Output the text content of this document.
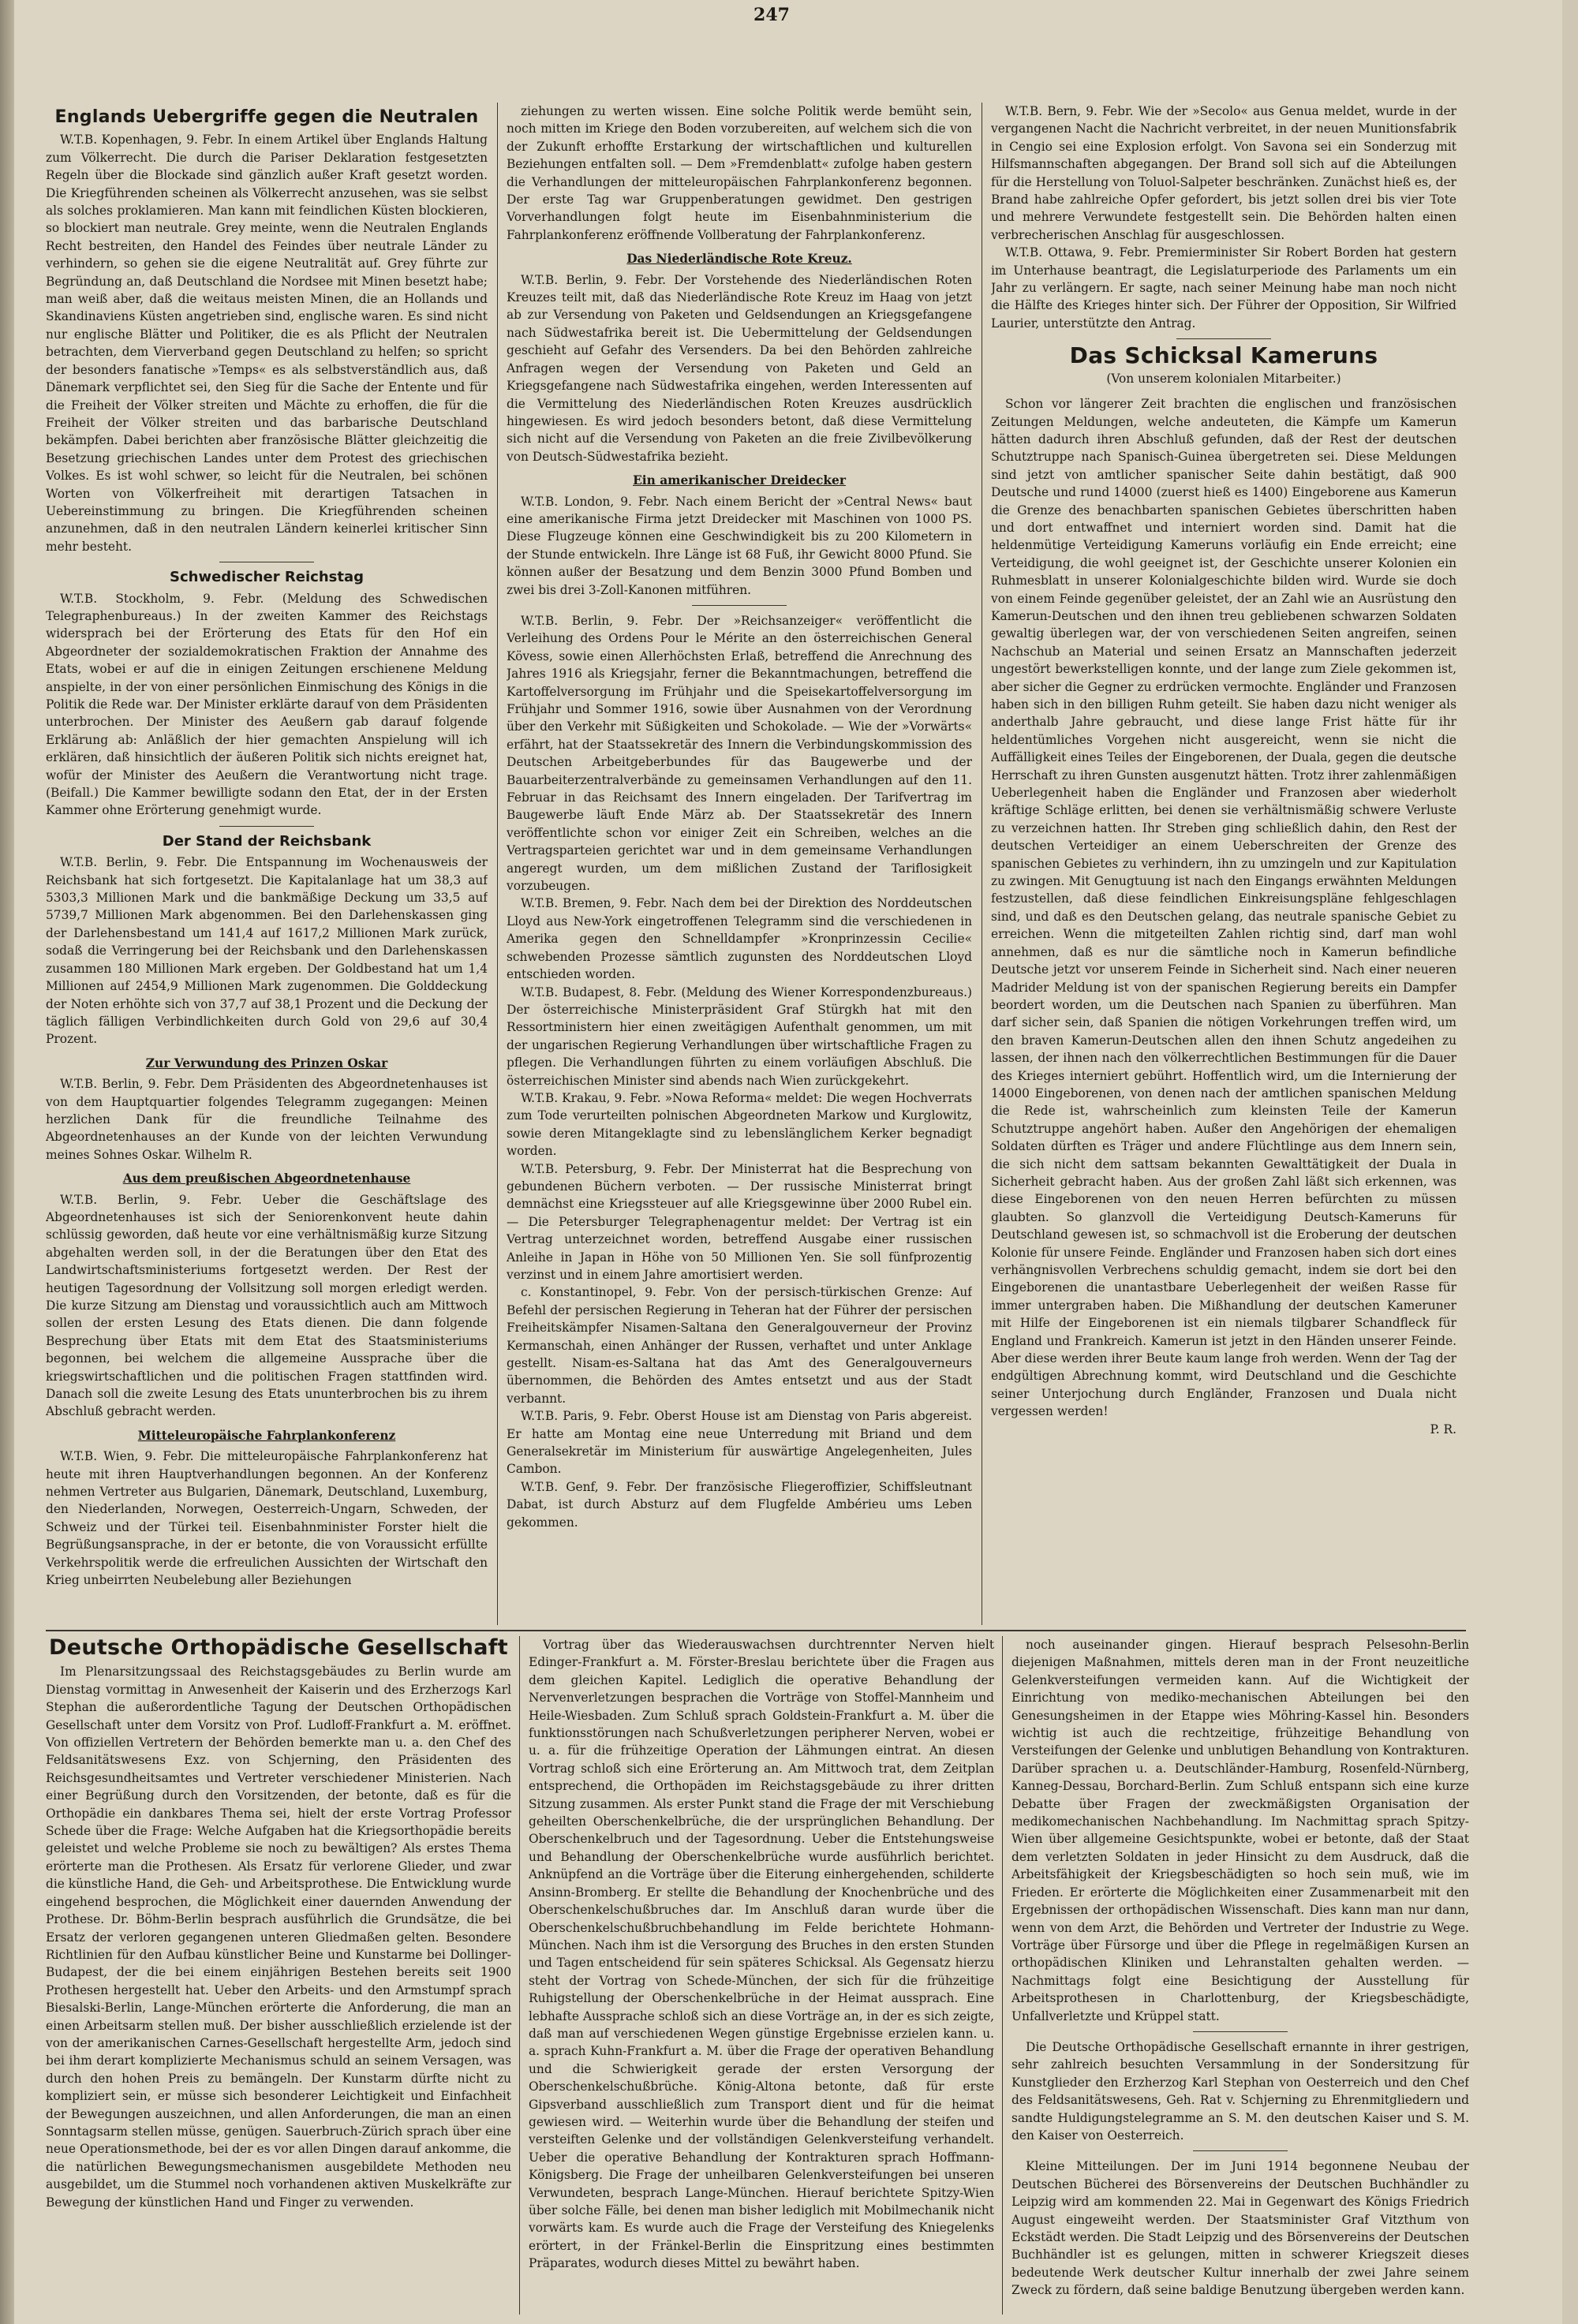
247
Englands Uebergriffe gegen die Neutralen

W.T.B. Kopenhagen, 9. Febr. In einem Artikel über Englands Haltung zum Völkerrecht. Die durch die Pariser Deklaration festgesetzten Regeln über die Blockade sind gänzlich außer Kraft gesetzt worden. Die Kriegführenden scheinen als Völkerrecht anzusehen, was sie selbst als solches proklamieren. Man kann mit feindlichen Küsten blockieren, so blockiert man neutrale. Grey meinte, wenn die Neutralen Englands Recht bestreiten, den Handel des Feindes über neutrale Länder zu verhindern, so gehen sie die eigene Neutralität auf. Grey führte zur Begründung an, daß Deutschland die Nordsee mit Minen besetzt habe; man weiß aber, daß die weitaus meisten Minen, die an Hollands und Skandinaviens Küsten angetrieben sind, englische waren. Es sind nicht nur englische Blätter und Politiker, die es als Pflicht der Neutralen betrachten, dem Vierverband gegen Deutschland zu helfen; so spricht der besonders fanatische »Temps« es als selbstverständlich aus, daß Dänemark verpflichtet sei, den Sieg für die Sache der Entente und für die Freiheit der Völker streiten und Mächte zu erhoffen, die für die Freiheit der Völker streiten und das barbarische Deutschland bekämpfen. Dabei berichten aber französische Blätter gleichzeitig die Besetzung griechischen Landes unter dem Protest des griechischen Volkes. Es ist wohl schwer, so leicht für die Neutralen, bei schönen Worten von Völkerfreiheit mit derartigen Tatsachen in Uebereinstimmung zu bringen. Die Kriegführenden scheinen anzunehmen, daß in den neutralen Ländern keinerlei kritischer Sinn mehr besteht.

Schwedischer Reichstag

W.T.B. Stockholm, 9. Febr. (Meldung des Schwedischen Telegraphenbureaus.) In der zweiten Kammer des Reichstags widersprach bei der Erörterung des Etats für den Hof ein Abgeordneter der sozialdemokratischen Fraktion der Annahme des Etats, wobei er auf die in einigen Zeitungen erschienene Meldung anspielte, in der von einer persönlichen Einmischung des Königs in die Politik die Rede war. Der Minister erklärte darauf von dem Präsidenten unterbrochen. Der Minister des Aeußern gab darauf folgende Erklärung ab: Anläßlich der hier gemachten Anspielung will ich erklären, daß hinsichtlich der äußeren Politik sich nichts ereignet hat, wofür der Minister des Aeußern die Verantwortung nicht trage. (Beifall.) Die Kammer bewilligte sodann den Etat, der in der Ersten Kammer ohne Erörterung genehmigt wurde.

Der Stand der Reichsbank

W.T.B. Berlin, 9. Febr. Die Entspannung im Wochenausweis der Reichsbank hat sich fortgesetzt. Die Kapitalanlage hat um 38,3 auf 5303,3 Millionen Mark und die bankmäßige Deckung um 33,5 auf 5739,7 Millionen Mark abgenommen. Bei den Darlehenskassen ging der Darlehensbestand um 141,4 auf 1617,2 Millionen Mark zurück, sodaß die Verringerung bei der Reichsbank und den Darlehenskassen zusammen 180 Millionen Mark ergeben. Der Goldbestand hat um 1,4 Millionen auf 2454,9 Millionen Mark zugenommen. Die Golddeckung der Noten erhöhte sich von 37,7 auf 38,1 Prozent und die Deckung der täglich fälligen Verbindlichkeiten durch Gold von 29,6 auf 30,4 Prozent.

Zur Verwundung des Prinzen Oskar

W.T.B. Berlin, 9. Febr. Dem Präsidenten des Abgeordnetenhauses ist von dem Hauptquartier folgendes Telegramm zugegangen: Meinen herzlichen Dank für die freundliche Teilnahme des Abgeordnetenhauses an der Kunde von der leichten Verwundung meines Sohnes Oskar. Wilhelm R.

Aus dem preußischen Abgeordnetenhause

W.T.B. Berlin, 9. Febr. Ueber die Geschäftslage des Abgeordnetenhauses ist sich der Seniorenkonvent heute dahin schlüssig geworden, daß heute vor eine verhältnismäßig kurze Sitzung abgehalten werden soll, in der die Beratungen über den Etat des Landwirtschaftsministeriums fortgesetzt werden. Der Rest der heutigen Tagesordnung der Vollsitzung soll morgen erledigt werden. Die kurze Sitzung am Dienstag und voraussichtlich auch am Mittwoch sollen der ersten Lesung des Etats dienen. Die dann folgende Besprechung über Etats mit dem Etat des Staatsministeriums begonnen, bei welchem die allgemeine Aussprache über die kriegswirtschaftlichen und die politischen Fragen stattfinden wird. Danach soll die zweite Lesung des Etats ununterbrochen bis zu ihrem Abschluß gebracht werden.

Mitteleuropäische Fahrplankonferenz

W.T.B. Wien, 9. Febr. Die mitteleuropäische Fahrplankonferenz hat heute mit ihren Hauptverhandlungen begonnen. An der Konferenz nehmen Vertreter aus Bulgarien, Dänemark, Deutschland, Luxemburg, den Niederlanden, Norwegen, Oesterreich-Ungarn, Schweden, der Schweiz und der Türkei teil. Eisenbahnminister Forster hielt die Begrüßungsansprache, in der er betonte, die von Voraussicht erfüllte Verkehrspolitik werde die erfreulichen Aussichten der Wirtschaft den Krieg unbeirrten Neubelebung aller Beziehungen

ziehungen zu werten wissen. Eine solche Politik werde bemüht sein, noch mitten im Kriege den Boden vorzubereiten, auf welchem sich die von der Zukunft erhoffte Erstarkung der wirtschaftlichen und kulturellen Beziehungen entfalten soll. — Dem »Fremdenblatt« zufolge haben gestern die Verhandlungen der mitteleuropäischen Fahrplankonferenz begonnen. Der erste Tag war Gruppenberatungen gewidmet. Den gestrigen Vorverhandlungen folgt heute im Eisenbahnministerium die Fahrplankonferenz eröffnende Vollberatung der Fahrplankonferenz.

Das Niederländische Rote Kreuz.

W.T.B. Berlin, 9. Febr. Der Vorstehende des Niederländischen Roten Kreuzes teilt mit, daß das Niederländische Rote Kreuz im Haag von jetzt ab zur Versendung von Paketen und Geldsendungen an Kriegsgefangene nach Südwestafrika bereit ist. Die Uebermittelung der Geldsendungen geschieht auf Gefahr des Versenders. Da bei den Behörden zahlreiche Anfragen wegen der Versendung von Paketen und Geld an Kriegsgefangene nach Südwestafrika eingehen, werden Interessenten auf die Vermittelung des Niederländischen Roten Kreuzes ausdrücklich hingewiesen. Es wird jedoch besonders betont, daß diese Vermittelung sich nicht auf die Versendung von Paketen an die freie Zivilbevölkerung von Deutsch-Südwestafrika bezieht.

Ein amerikanischer Dreidecker

W.T.B. London, 9. Febr. Nach einem Bericht der »Central News« baut eine amerikanische Firma jetzt Dreidecker mit Maschinen von 1000 PS. Diese Flugzeuge können eine Geschwindigkeit bis zu 200 Kilometern in der Stunde entwickeln. Ihre Länge ist 68 Fuß, ihr Gewicht 8000 Pfund. Sie können außer der Besatzung und dem Benzin 3000 Pfund Bomben und zwei bis drei 3-Zoll-Kanonen mitführen.

W.T.B. Berlin, 9. Febr. Der »Reichsanzeiger« veröffentlicht die Verleihung des Ordens Pour le Mérite an den österreichischen General Kövess, sowie einen Allerhöchsten Erlaß, betreffend die Anrechnung des Jahres 1916 als Kriegsjahr, ferner die Bekanntmachungen, betreffend die Kartoffelversorgung im Frühjahr und die Speisekartoffelversorgung im Frühjahr und Sommer 1916, sowie über Ausnahmen von der Verordnung über den Verkehr mit Süßigkeiten und Schokolade. — Wie der »Vorwärts« erfährt, hat der Staatssekretär des Innern die Verbindungskommission des Deutschen Arbeitgeberbundes für das Baugewerbe und der Bauarbeiterzentralverbände zu gemeinsamen Verhandlungen auf den 11. Februar in das Reichsamt des Innern eingeladen. Der Tarifvertrag im Baugewerbe läuft Ende März ab. Der Staatssekretär des Innern veröffentlichte schon vor einiger Zeit ein Schreiben, welches an die Vertragsparteien gerichtet war und in dem gemeinsame Verhandlungen angeregt wurden, um dem mißlichen Zustand der Tariflosigkeit vorzubeugen.

W.T.B. Bremen, 9. Febr. Nach dem bei der Direktion des Norddeutschen Lloyd aus New-York eingetroffenen Telegramm sind die verschiedenen in Amerika gegen den Schnelldampfer »Kronprinzessin Cecilie« schwebenden Prozesse sämtlich zugunsten des Norddeutschen Lloyd entschieden worden.

W.T.B. Budapest, 8. Febr. (Meldung des Wiener Korrespondenzbureaus.) Der österreichische Ministerpräsident Graf Stürgkh hat mit den Ressortministern hier einen zweitägigen Aufenthalt genommen, um mit der ungarischen Regierung Verhandlungen über wirtschaftliche Fragen zu pflegen. Die Verhandlungen führten zu einem vorläufigen Abschluß. Die österreichischen Minister sind abends nach Wien zurückgekehrt.

W.T.B. Krakau, 9. Febr. »Nowa Reforma« meldet: Die wegen Hochverrats zum Tode verurteilten polnischen Abgeordneten Markow und Kurglowitz, sowie deren Mitangeklagte sind zu lebenslänglichem Kerker begnadigt worden.

W.T.B. Petersburg, 9. Febr. Der Ministerrat hat die Besprechung von gebundenen Büchern verboten. — Der russische Ministerrat bringt demnächst eine Kriegssteuer auf alle Kriegsgewinne über 2000 Rubel ein. — Die Petersburger Telegraphenagentur meldet: Der Vertrag ist ein Vertrag unterzeichnet worden, betreffend Ausgabe einer russischen Anleihe in Japan in Höhe von 50 Millionen Yen. Sie soll fünfprozentig verzinst und in einem Jahre amortisiert werden.

c. Konstantinopel, 9. Febr. Von der persisch-türkischen Grenze: Auf Befehl der persischen Regierung in Teheran hat der Führer der persischen Freiheitskämpfer Nisamen-Saltana den Generalgouverneur der Provinz Kermanschah, einen Anhänger der Russen, verhaftet und unter Anklage gestellt. Nisam-es-Saltana hat das Amt des Generalgouverneurs übernommen, die Behörden des Amtes entsetzt und aus der Stadt verbannt.

W.T.B. Paris, 9. Febr. Oberst House ist am Dienstag von Paris abgereist. Er hatte am Montag eine neue Unterredung mit Briand und dem Generalsekretär im Ministerium für auswärtige Angelegenheiten, Jules Cambon.

W.T.B. Genf, 9. Febr. Der französische Fliegeroffizier, Schiffsleutnant Dabat, ist durch Absturz auf dem Flugfelde Ambérieu ums Leben gekommen.

W.T.B. Bern, 9. Febr. Wie der »Secolo« aus Genua meldet, wurde in der vergangenen Nacht die Nachricht verbreitet, in der neuen Munitionsfabrik in Cengio sei eine Explosion erfolgt. Von Savona sei ein Sonderzug mit Hilfsmannschaften abgegangen. Der Brand soll sich auf die Abteilungen für die Herstellung von Toluol-Salpeter beschränken. Zunächst hieß es, der Brand habe zahlreiche Opfer gefordert, bis jetzt sollen drei bis vier Tote und mehrere Verwundete festgestellt sein. Die Behörden halten einen verbrecherischen Anschlag für ausgeschlossen.

W.T.B. Ottawa, 9. Febr. Premierminister Sir Robert Borden hat gestern im Unterhause beantragt, die Legislaturperiode des Parlaments um ein Jahr zu verlängern. Er sagte, nach seiner Meinung habe man noch nicht die Hälfte des Krieges hinter sich. Der Führer der Opposition, Sir Wilfried Laurier, unterstützte den Antrag.

Das Schicksal Kameruns

(Von unserem kolonialen Mitarbeiter.)

Schon vor längerer Zeit brachten die englischen und französischen Zeitungen Meldungen, welche andeuteten, die Kämpfe um Kamerun hätten dadurch ihren Abschluß gefunden, daß der Rest der deutschen Schutztruppe nach Spanisch-Guinea übergetreten sei. Diese Meldungen sind jetzt von amtlicher spanischer Seite dahin bestätigt, daß 900 Deutsche und rund 14000 (zuerst hieß es 1400) Eingeborene aus Kamerun die Grenze des benachbarten spanischen Gebietes überschritten haben und dort entwaffnet und interniert worden sind. Damit hat die heldenmütige Verteidigung Kameruns vorläufig ein Ende erreicht; eine Verteidigung, die wohl geeignet ist, der Geschichte unserer Kolonien ein Ruhmesblatt in unserer Kolonialgeschichte bilden wird. Wurde sie doch von einem Feinde gegenüber geleistet, der an Zahl wie an Ausrüstung den Kamerun-Deutschen und den ihnen treu gebliebenen schwarzen Soldaten gewaltig überlegen war, der von verschiedenen Seiten angreifen, seinen Nachschub an Material und seinen Ersatz an Mannschaften jederzeit ungestört bewerkstelligen konnte, und der lange zum Ziele gekommen ist, aber sicher die Gegner zu erdrücken vermochte. Engländer und Franzosen haben sich in den billigen Ruhm geteilt. Sie haben dazu nicht weniger als anderthalb Jahre gebraucht, und diese lange Frist hätte für ihr heldentümliches Vorgehen nicht ausgereicht, wenn sie nicht die Auffälligkeit eines Teiles der Eingeborenen, der Duala, gegen die deutsche Herrschaft zu ihren Gunsten ausgenutzt hätten. Trotz ihrer zahlenmäßigen Ueberlegenheit haben die Engländer und Franzosen aber wiederholt kräftige Schläge erlitten, bei denen sie verhältnismäßig schwere Verluste zu verzeichnen hatten. Ihr Streben ging schließlich dahin, den Rest der deutschen Verteidiger an einem Ueberschreiten der Grenze des spanischen Gebietes zu verhindern, ihn zu umzingeln und zur Kapitulation zu zwingen. Mit Genugtuung ist nach den Eingangs erwähnten Meldungen festzustellen, daß diese feindlichen Einkreisungspläne fehlgeschlagen sind, und daß es den Deutschen gelang, das neutrale spanische Gebiet zu erreichen. Wenn die mitgeteilten Zahlen richtig sind, darf man wohl annehmen, daß es nur die sämtliche noch in Kamerun befindliche Deutsche jetzt vor unserem Feinde in Sicherheit sind. Nach einer neueren Madrider Meldung ist von der spanischen Regierung bereits ein Dampfer beordert worden, um die Deutschen nach Spanien zu überführen. Man darf sicher sein, daß Spanien die nötigen Vorkehrungen treffen wird, um den braven Kamerun-Deutschen allen den ihnen Schutz angedeihen zu lassen, der ihnen nach den völkerrechtlichen Bestimmungen für die Dauer des Krieges interniert gebührt. Hoffentlich wird, um die Internierung der 14000 Eingeborenen, von denen nach der amtlichen spanischen Meldung die Rede ist, wahrscheinlich zum kleinsten Teile der Kamerun Schutztruppe angehört haben. Außer den Angehörigen der ehemaligen Soldaten dürften es Träger und andere Flüchtlinge aus dem Innern sein, die sich nicht dem sattsam bekannten Gewalttätigkeit der Duala in Sicherheit gebracht haben. Aus der großen Zahl läßt sich erkennen, was diese Eingeborenen von den neuen Herren befürchten zu müssen glaubten. So glanzvoll die Verteidigung Deutsch-Kameruns für Deutschland gewesen ist, so schmachvoll ist die Eroberung der deutschen Kolonie für unsere Feinde. Engländer und Franzosen haben sich dort eines verhängnisvollen Verbrechens schuldig gemacht, indem sie dort bei den Eingeborenen die unantastbare Ueberlegenheit der weißen Rasse für immer untergraben haben. Die Mißhandlung der deutschen Kameruner mit Hilfe der Eingeborenen ist ein niemals tilgbarer Schandfleck für England und Frankreich. Kamerun ist jetzt in den Händen unserer Feinde. Aber diese werden ihrer Beute kaum lange froh werden. Wenn der Tag der endgültigen Abrechnung kommt, wird Deutschland und die Geschichte seiner Unterjochung durch Engländer, Franzosen und Duala nicht vergessen werden!

P. R.

Deutsche Orthopädische Gesellschaft

Im Plenarsitzungssaal des Reichstagsgebäudes zu Berlin wurde am Dienstag vormittag in Anwesenheit der Kaiserin und des Erzherzogs Karl Stephan die außerordentliche Tagung der Deutschen Orthopädischen Gesellschaft unter dem Vorsitz von Prof. Ludloff-Frankfurt a. M. eröffnet. Von offiziellen Vertretern der Behörden bemerkte man u. a. den Chef des Feldsanitätswesens Exz. von Schjerning, den Präsidenten des Reichsgesundheitsamtes und Vertreter verschiedener Ministerien. Nach einer Begrüßung durch den Vorsitzenden, der betonte, daß es für die Orthopädie ein dankbares Thema sei, hielt der erste Vortrag Professor Schede über die Frage: Welche Aufgaben hat die Kriegsorthopädie bereits geleistet und welche Probleme sie noch zu bewältigen? Als erstes Thema erörterte man die Prothesen. Als Ersatz für verlorene Glieder, und zwar die künstliche Hand, die Geh- und Arbeitsprothese. Die Entwicklung wurde eingehend besprochen, die Möglichkeit einer dauernden Anwendung der Prothese. Dr. Böhm-Berlin besprach ausführlich die Grundsätze, die bei Ersatz der verloren gegangenen unteren Gliedmaßen gelten. Besondere Richtlinien für den Aufbau künstlicher Beine und Kunstarme bei Dollinger-Budapest, der die bei einem einjährigen Bestehen bereits seit 1900 Prothesen hergestellt hat. Ueber den Arbeits- und den Armstumpf sprach Biesalski-Berlin, Lange-München erörterte die Anforderung, die man an einen Arbeitsarm stellen muß. Der bisher ausschließlich erzielende ist der von der amerikanischen Carnes-Gesellschaft hergestellte Arm, jedoch sind bei ihm derart komplizierte Mechanismus schuld an seinem Versagen, was durch den hohen Preis zu bemängeln. Der Kunstarm dürfte nicht zu kompliziert sein, er müsse sich besonderer Leichtigkeit und Einfachheit der Bewegungen auszeichnen, und allen Anforderungen, die man an einen Sonntagsarm stellen müsse, genügen. Sauerbruch-Zürich sprach über eine neue Operationsmethode, bei der es vor allen Dingen darauf ankomme, die die natürlichen Bewegungsmechanismen ausgebildete Methoden neu ausgebildet, um die Stummel noch vorhandenen aktiven Muskelkräfte zur Bewegung der künstlichen Hand und Finger zu verwenden.

Vortrag über das Wiederauswachsen durchtrennter Nerven hielt Edinger-Frankfurt a. M. Förster-Breslau berichtete über die Fragen aus dem gleichen Kapitel. Lediglich die operative Behandlung der Nervenverletzungen besprachen die Vorträge von Stoffel-Mannheim und Heile-Wiesbaden. Zum Schluß sprach Goldstein-Frankfurt a. M. über die funktionsstörungen nach Schußverletzungen peripherer Nerven, wobei er u. a. für die frühzeitige Operation der Lähmungen eintrat. An diesen Vortrag schloß sich eine Erörterung an. Am Mittwoch trat, dem Zeitplan entsprechend, die Orthopäden im Reichstagsgebäude zu ihrer dritten Sitzung zusammen. Als erster Punkt stand die Frage der mit Verschiebung geheilten Oberschenkelbrüche, die der ursprünglichen Behandlung. Der Oberschenkelbruch und der Tagesordnung. Ueber die Entstehungsweise und Behandlung der Oberschenkelbrüche wurde ausführlich berichtet. Anknüpfend an die Vorträge über die Eiterung einhergehenden, schilderte Ansinn-Bromberg. Er stellte die Behandlung der Knochenbrüche und des Oberschenkelschußbruches dar. Im Anschluß daran wurde über die Oberschenkelschußbruchbehandlung im Felde berichtete Hohmann-München. Nach ihm ist die Versorgung des Bruches in den ersten Stunden und Tagen entscheidend für sein späteres Schicksal. Als Gegensatz hierzu steht der Vortrag von Schede-München, der sich für die frühzeitige Ruhigstellung der Oberschenkelbrüche in der Heimat aussprach. Eine lebhafte Aussprache schloß sich an diese Vorträge an, in der es sich zeigte, daß man auf verschiedenen Wegen günstige Ergebnisse erzielen kann. u. a. sprach Kuhn-Frankfurt a. M. über die Frage der operativen Behandlung und die Schwierigkeit gerade der ersten Versorgung der Oberschenkelschußbrüche. König-Altona betonte, daß für erste Gipsverband ausschließlich zum Transport dient und für die heimat gewiesen wird. — Weiterhin wurde über die Behandlung der steifen und versteiften Gelenke und der vollständigen Gelenkversteifung verhandelt. Ueber die operative Behandlung der Kontrakturen sprach Hoffmann-Königsberg. Die Frage der unheilbaren Gelenkversteifungen bei unseren Verwundeten, besprach Lange-München. Hierauf berichtete Spitzy-Wien über solche Fälle, bei denen man bisher lediglich mit Mobilmechanik nicht vorwärts kam. Es wurde auch die Frage der Versteifung des Kniegelenks erörtert, in der Fränkel-Berlin die Einspritzung eines bestimmten Präparates, wodurch dieses Mittel zu bewährt haben.

noch auseinander gingen. Hierauf besprach Pelsesohn-Berlin diejenigen Maßnahmen, mittels deren man in der Front neuzeitliche Gelenkversteifungen vermeiden kann. Auf die Wichtigkeit der Einrichtung von mediko-mechanischen Abteilungen bei den Genesungsheimen in der Etappe wies Möhring-Kassel hin. Besonders wichtig ist auch die rechtzeitige, frühzeitige Behandlung von Versteifungen der Gelenke und unblutigen Behandlung von Kontrakturen. Darüber sprachen u. a. Deutschländer-Hamburg, Rosenfeld-Nürnberg, Kanneg-Dessau, Borchard-Berlin. Zum Schluß entspann sich eine kurze Debatte über Fragen der zweckmäßigsten Organisation der medikomechanischen Nachbehandlung. Im Nachmittag sprach Spitzy-Wien über allgemeine Gesichtspunkte, wobei er betonte, daß der Staat dem verletzten Soldaten in jeder Hinsicht zu dem Ausdruck, daß die Arbeitsfähigkeit der Kriegsbeschädigten so hoch sein muß, wie im Frieden. Er erörterte die Möglichkeiten einer Zusammenarbeit mit den Ergebnissen der orthopädischen Wissenschaft. Dies kann man nur dann, wenn von dem Arzt, die Behörden und Vertreter der Industrie zu Wege. Vorträge über Fürsorge und über die Pflege in regelmäßigen Kursen an orthopädischen Kliniken und Lehranstalten gehalten werden. — Nachmittags folgt eine Besichtigung der Ausstellung für Arbeitsprothesen in Charlottenburg, der Kriegsbeschädigte, Unfallverletzte und Krüppel statt.

Die Deutsche Orthopädische Gesellschaft ernannte in ihrer gestrigen, sehr zahlreich besuchten Versammlung in der Sondersitzung für Kunstglieder den Erzherzog Karl Stephan von Oesterreich und den Chef des Feldsanitätswesens, Geh. Rat v. Schjerning zu Ehrenmitgliedern und sandte Huldigungstelegramme an S. M. den deutschen Kaiser und S. M. den Kaiser von Oesterreich.

Kleine Mitteilungen. Der im Juni 1914 begonnene Neubau der Deutschen Bücherei des Börsenvereins der Deutschen Buchhändler zu Leipzig wird am kommenden 22. Mai in Gegenwart des Königs Friedrich August eingeweiht werden. Der Staatsminister Graf Vitzthum von Eckstädt werden. Die Stadt Leipzig und des Börsenvereins der Deutschen Buchhändler ist es gelungen, mitten in schwerer Kriegszeit dieses bedeutende Werk deutscher Kultur innerhalb der zwei Jahre seinem Zweck zu fördern, daß seine baldige Benutzung übergeben werden kann.
